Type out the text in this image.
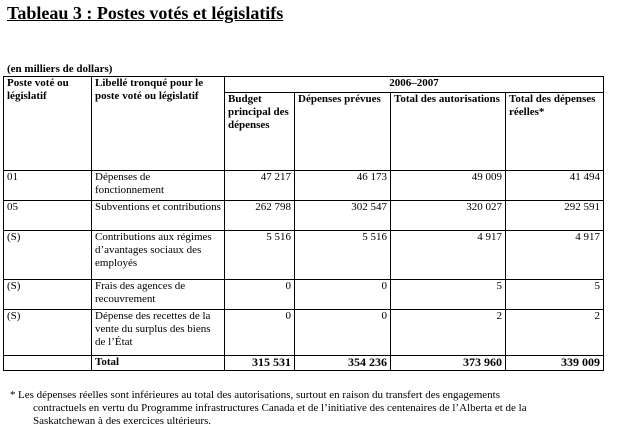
Tableau 3 : Postes votés et législatifs
(en milliers de dollars)
Poste voté ou législatif	Libellé tronqué pour le poste voté ou législatif	2006–2007			
		Budget principal des dépenses	Dépenses prévues	Total des autorisations	Total des dépenses réelles*
01	Dépenses de fonctionnement	47 217	46 173	49 009	41 494
05	Subventions et contributions	262 798	302 547	320 027	292 591
(S)	Contributions aux régimes d’avantages sociaux des employés	5 516	5 516	4 917	4 917
(S)	Frais des agences de recouvrement	0	0	5	5
(S)	Dépense des recettes de la vente du surplus des biens de l’État	0	0	2	2
	Total	315 531	354 236	373 960	339 009
* Les dépenses réelles sont inférieures au total des autorisations, surtout en raison du transfert des engagements
contractuels en vertu du Programme infrastructures Canada et de l’initiative des centenaires de l’Alberta et de la
Saskatchewan à des exercices ultérieurs.
